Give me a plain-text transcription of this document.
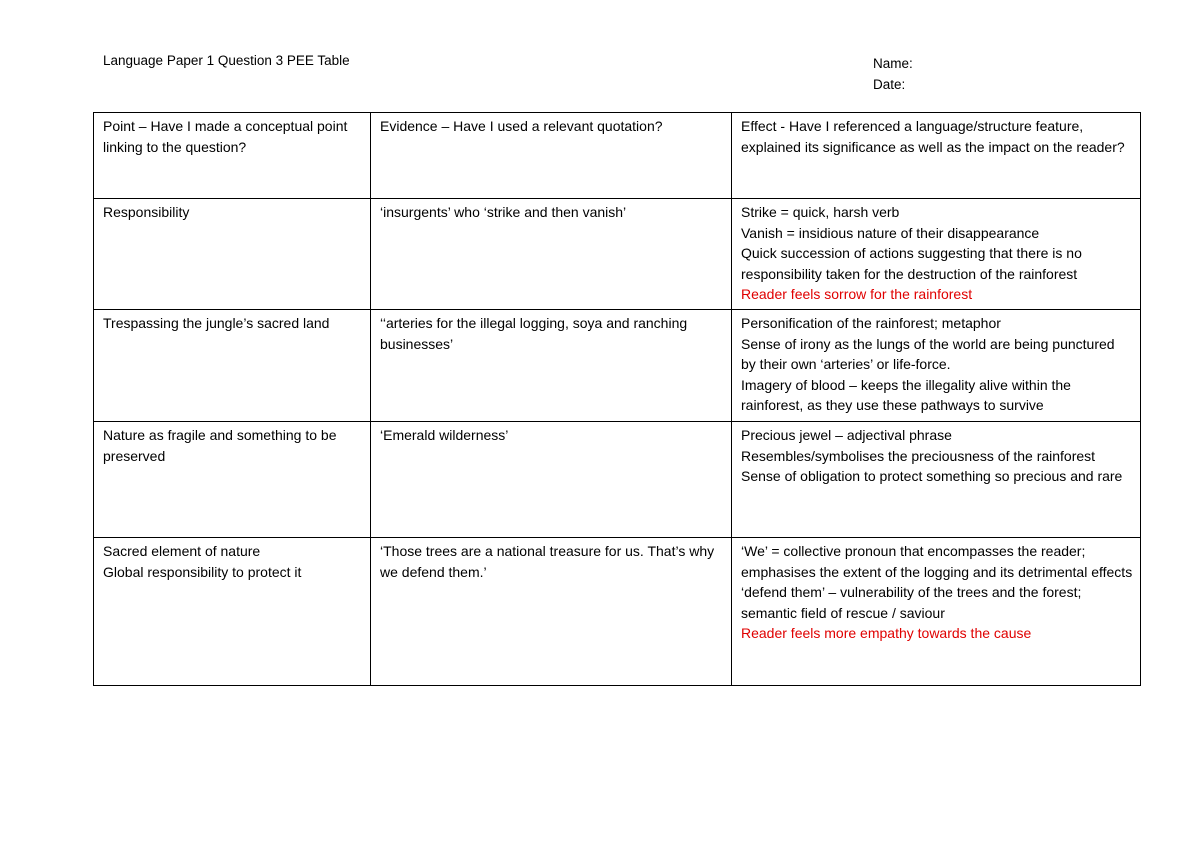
Language Paper 1 Question 3 PEE Table	Name:
Date:
Point – Have I made a conceptual point linking to the question?	Evidence – Have I used a relevant quotation?	Effect - Have I referenced a language/structure feature, explained its significance as well as the impact on the reader?
Responsibility	‘insurgents’ who ‘strike and then vanish’	Strike = quick, harsh verb
Vanish = insidious nature of their disappearance
Quick succession of actions suggesting that there is no responsibility taken for the destruction of the rainforest
Reader feels sorrow for the rainforest

Trespassing the jungle’s sacred land	‘‘arteries for the illegal logging, soya and ranching businesses’	Personification of the rainforest; metaphor
Sense of irony as the lungs of the world are being punctured by their own ‘arteries’ or life-force.
Imagery of blood – keeps the illegality alive within the rainforest, as they use these pathways to survive

Nature as fragile and something to be preserved	‘Emerald wilderness’	Precious jewel – adjectival phrase
Resembles/symbolises the preciousness of the rainforest
Sense of obligation to protect something so precious and rare

Sacred element of nature
Global responsibility to protect it	‘Those trees are a national treasure for us. That’s why we defend them.’	‘We’ = collective pronoun that encompasses the reader; emphasises the extent of the logging and its detrimental effects
‘defend them’ – vulnerability of the trees and the forest; semantic field of rescue / saviour
Reader feels more empathy towards the cause
